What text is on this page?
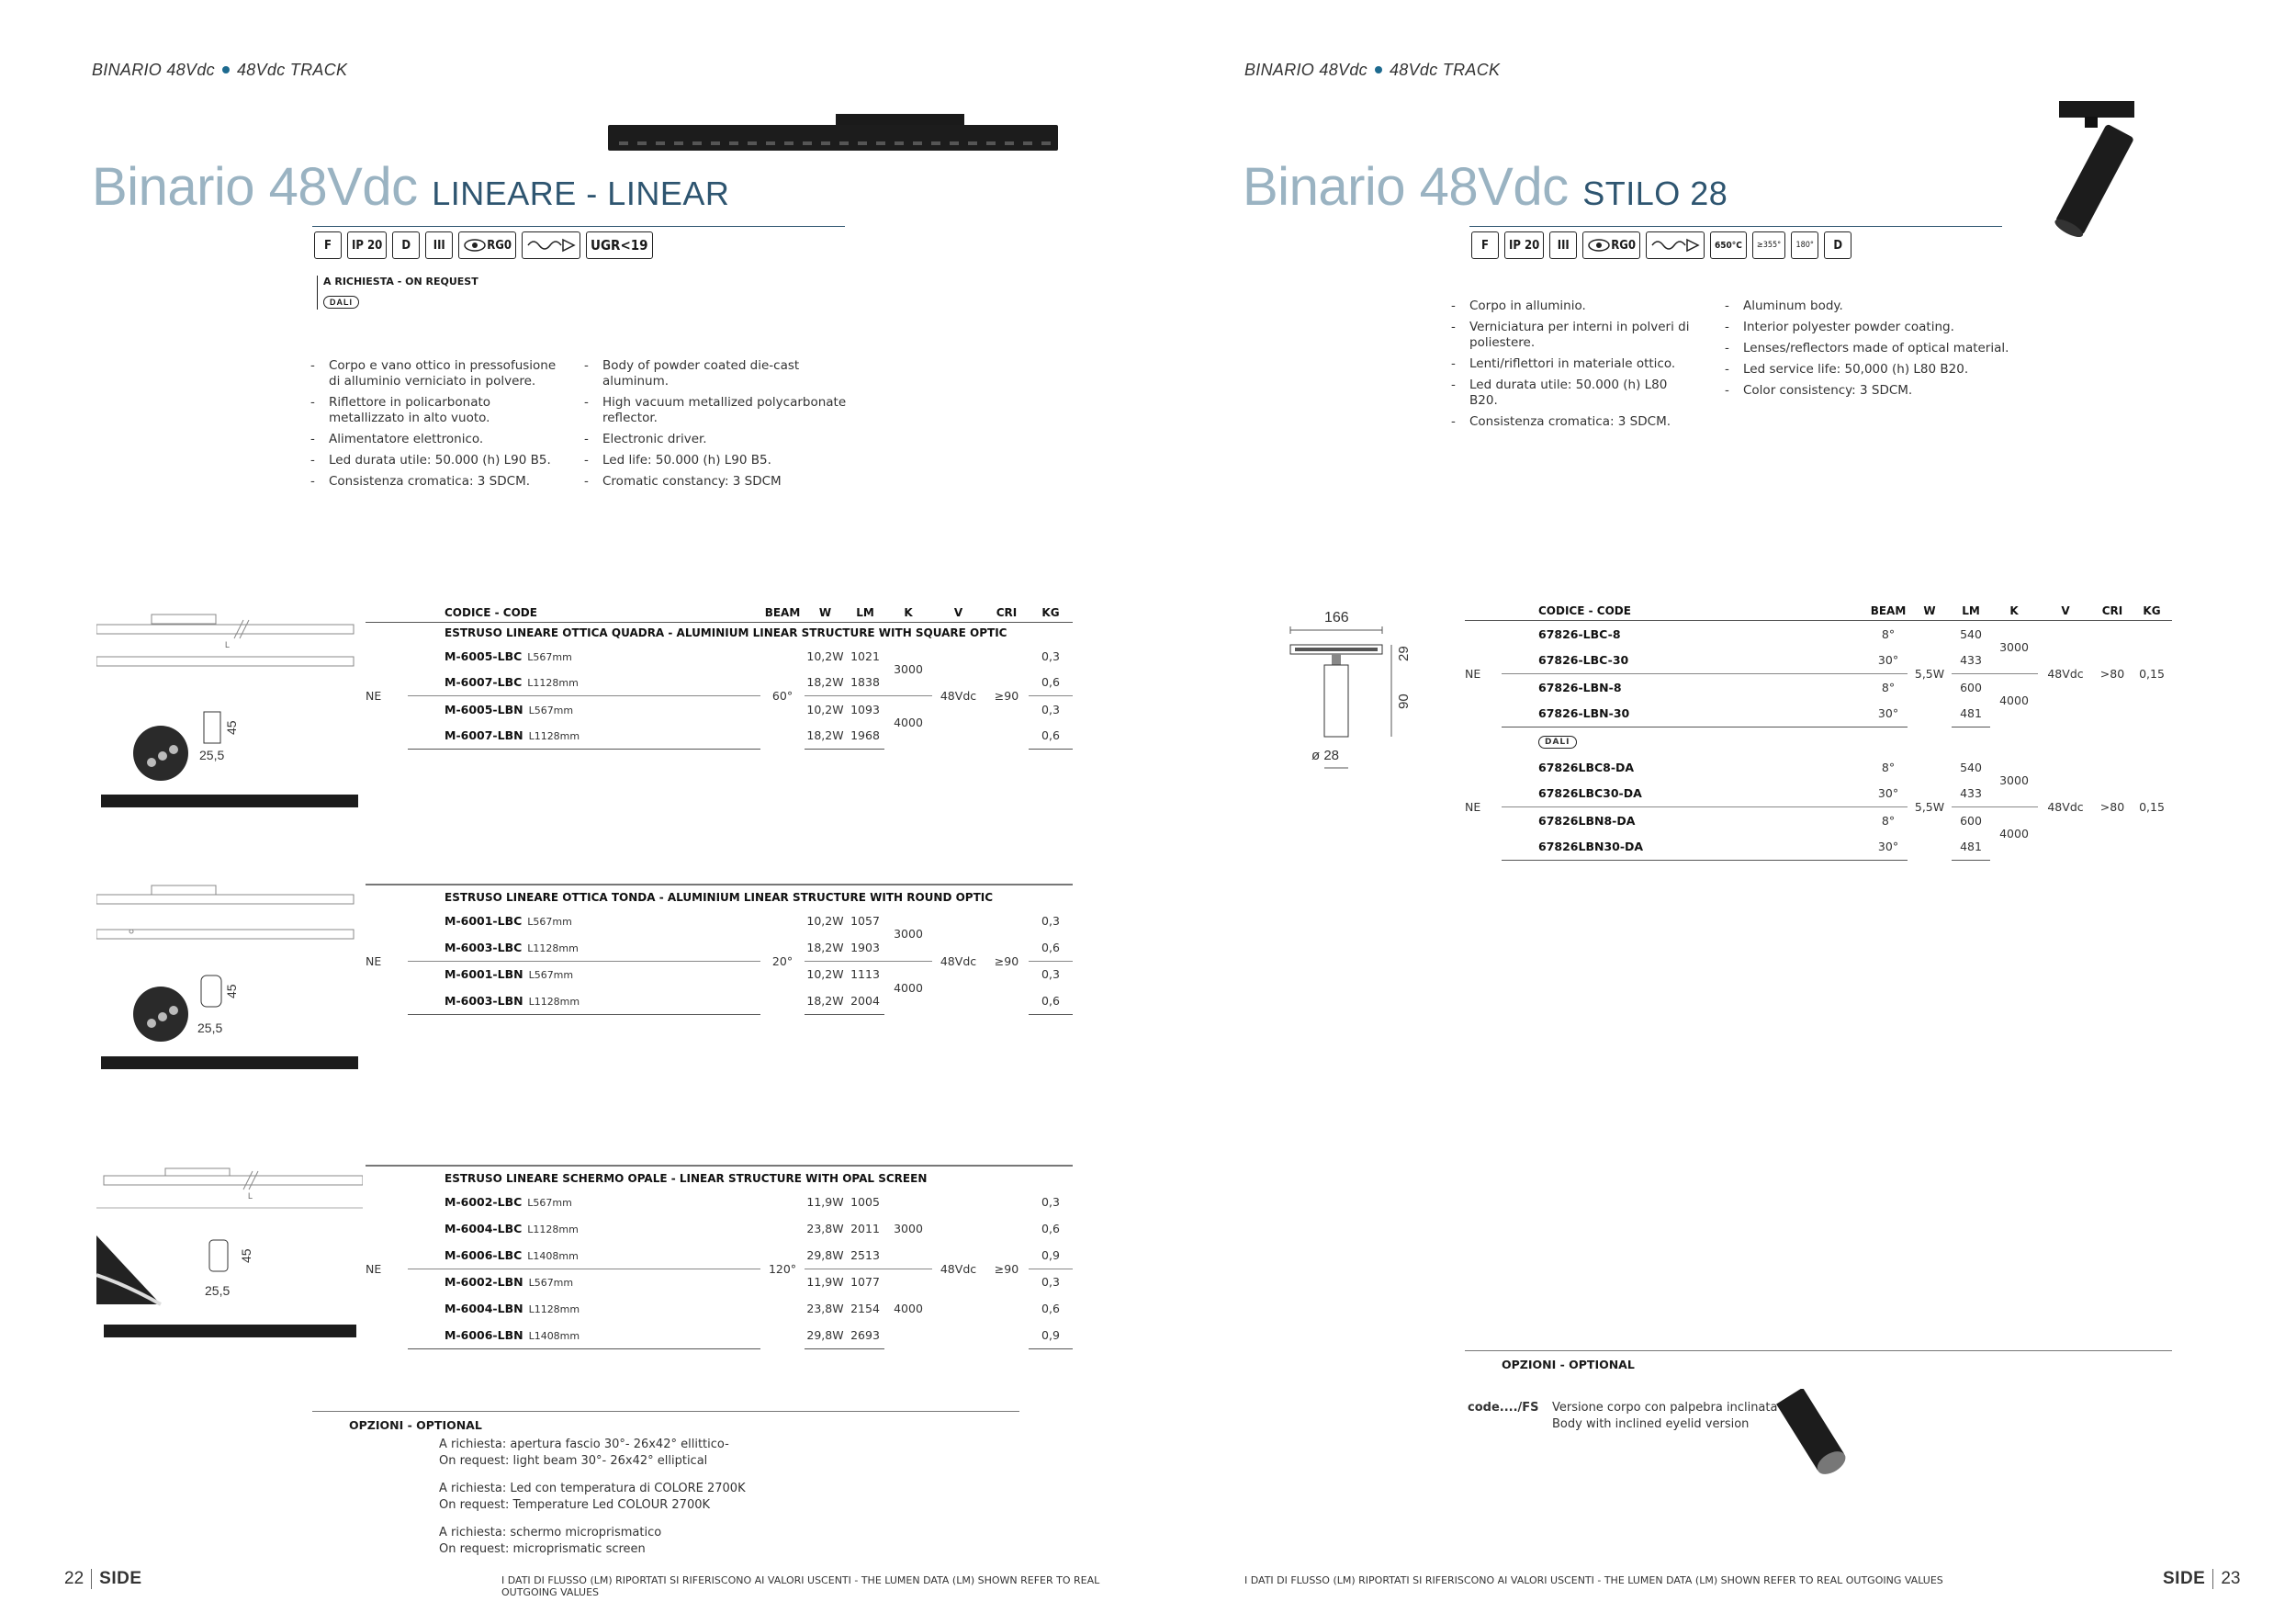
BINARIO 48Vdc 48Vdc TRACK
Binario 48Vdc LINEARE - LINEAR
F	IP 20	D	III	RG0	UGR<19
A RICHIESTA - ON REQUEST
DALI
- Corpo e vano ottico in pressofusione di alluminio verniciato in polvere.
- Riflettore in policarbonato metallizzato in alto vuoto.
- Alimentatore elettronico.
- Led durata utile: 50.000 (h) L90 B5.
- Consistenza cromatica: 3 SDCM.
- Body of powder coated die-cast aluminum.
- High vacuum metallized polycarbonate reflector.
- Electronic driver.
- Led life: 50.000 (h) L90 B5.
- Cromatic constancy: 3 SDCM
L
45
25,5
	CODICE - CODE	BEAM	W	LM	K	V	CRI	KG
	ESTRUSO LINEARE OTTICA QUADRA - ALUMINIUM LINEAR STRUCTURE WITH SQUARE OPTIC							
NE	M-6005-LBC L567mm	60°	10,2W	1021	3000	48Vdc	≥90	0,3
	M-6007-LBC L1128mm		18,2W	1838				0,6
	M-6005-LBN L567mm		10,2W	1093	4000			0,3
	M-6007-LBN L1128mm		18,2W	1968				0,6
45
25,5
	ESTRUSO LINEARE OTTICA TONDA - ALUMINIUM LINEAR STRUCTURE WITH ROUND OPTIC							
NE	M-6001-LBC L567mm	20°	10,2W	1057	3000	48Vdc	≥90	0,3
	M-6003-LBC L1128mm		18,2W	1903				0,6
	M-6001-LBN L567mm		10,2W	1113	4000			0,3
	M-6003-LBN L1128mm		18,2W	2004				0,6
L
45
25,5
	ESTRUSO LINEARE SCHERMO OPALE - LINEAR STRUCTURE WITH OPAL SCREEN							
NE	M-6002-LBC L567mm	120°	11,9W	1005	3000	48Vdc	≥90	0,3
	M-6004-LBC L1128mm		23,8W	2011				0,6
	M-6006-LBC L1408mm		29,8W	2513				0,9
	M-6002-LBN L567mm		11,9W	1077	4000			0,3
	M-6004-LBN L1128mm		23,8W	2154				0,6
	M-6006-LBN L1408mm		29,8W	2693				0,9
OPZIONI - OPTIONAL

A richiesta: apertura fascio 30°- 26x42° ellittico-
On request: light beam 30°- 26x42° elliptical

A richiesta: Led con temperatura di COLORE 2700K
On request: Temperature Led COLOUR 2700K

A richiesta: schermo microprismatico
On request: microprismatic screen

22 SIDE	I DATI DI FLUSSO (LM) RIPORTATI SI RIFERISCONO AI VALORI USCENTI - THE LUMEN DATA (LM) SHOWN REFER TO REAL OUTGOING VALUES
BINARIO 48Vdc 48Vdc TRACK
Binario 48Vdc STILO 28
F	IP 20	III	RG0	650°C	≥355°	180°	D
- Corpo in alluminio.
- Verniciatura per interni in polveri di poliestere.
- Lenti/riflettori in materiale ottico.
- Led durata utile: 50.000 (h) L80 B20.
- Consistenza cromatica: 3 SDCM.
- Aluminum body.
- Interior polyester powder coating.
- Lenses/reflectors made of optical material.
- Led service life: 50,000 (h) L80 B20.
- Color consistency: 3 SDCM.
166
29
90
ø 28
	CODICE - CODE	BEAM	W	LM	K	V	CRI	KG
NE	67826-LBC-8	8°	5,5W	540	3000	48Vdc	>80	0,15
	67826-LBC-30	30°		433				
	67826-LBN-8	8°		600	4000			
	67826-LBN-30	30°		481				
	DALI							
NE	67826LBC8-DA	8°	5,5W	540	3000	48Vdc	>80	0,15
	67826LBC30-DA	30°		433				
	67826LBN8-DA	8°		600	4000			
	67826LBN30-DA	30°		481				
OPZIONI - OPTIONAL
code..../FS Versione corpo con palpebra inclinata
Body with inclined eyelid version
I DATI DI FLUSSO (LM) RIPORTATI SI RIFERISCONO AI VALORI USCENTI - THE LUMEN DATA (LM) SHOWN REFER TO REAL OUTGOING VALUES	SIDE 23
